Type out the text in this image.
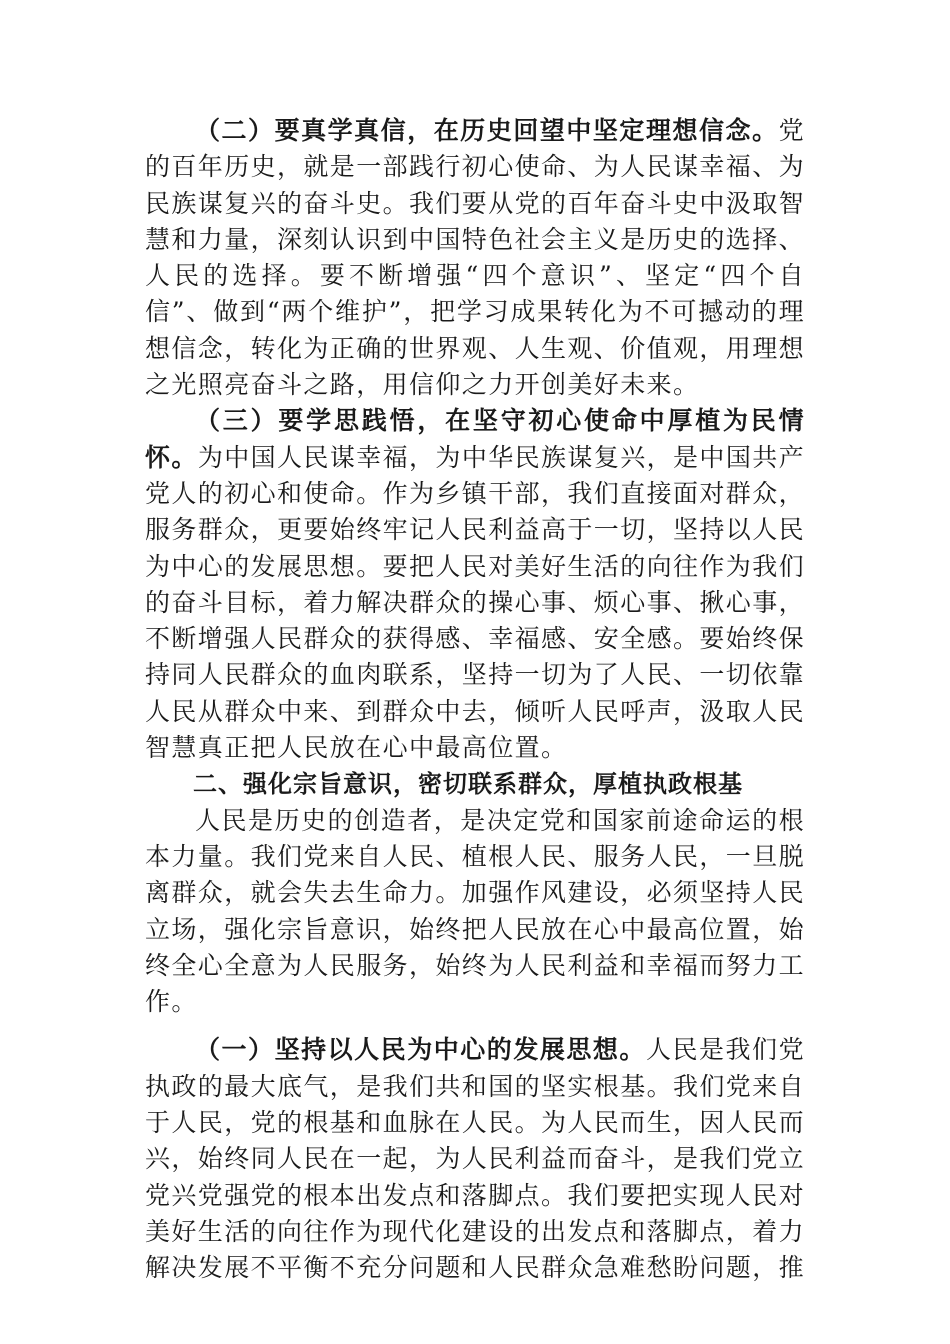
（二）要真学真信，在历史回望中坚定理想信念。党的百年历史，就是一部践行初心使命、为人民谋幸福、为民族谋复兴的奋斗史。我们要从党的百年奋斗史中汲取智慧和力量，深刻认识到中国特色社会主义是历史的选择、人民的选择。要不断增强“四个意识”、坚定“四个自信”、做到“两个维护”，把学习成果转化为不可撼动的理想信念，转化为正确的世界观、人生观、价值观，用理想之光照亮奋斗之路，用信仰之力开创美好未来。

（三）要学思践悟，在坚守初心使命中厚植为民情怀。为中国人民谋幸福，为中华民族谋复兴，是中国共产党人的初心和使命。作为乡镇干部，我们直接面对群众，服务群众，更要始终牢记人民利益高于一切，坚持以人民为中心的发展思想。要把人民对美好生活的向往作为我们的奋斗目标，着力解决群众的操心事、烦心事、揪心事，不断增强人民群众的获得感、幸福感、安全感。要始终保持同人民群众的血肉联系，坚持一切为了人民、一切依靠人民从群众中来、到群众中去，倾听人民呼声，汲取人民智慧真正把人民放在心中最高位置。

二、强化宗旨意识，密切联系群众，厚植执政根基

人民是历史的创造者，是决定党和国家前途命运的根本力量。我们党来自人民、植根人民、服务人民，一旦脱离群众，就会失去生命力。加强作风建设，必须坚持人民立场，强化宗旨意识，始终把人民放在心中最高位置，始终全心全意为人民服务，始终为人民利益和幸福而努力工作。

（一）坚持以人民为中心的发展思想。人民是我们党执政的最大底气，是我们共和国的坚实根基。我们党来自于人民，党的根基和血脉在人民。为人民而生，因人民而兴，始终同人民在一起，为人民利益而奋斗，是我们党立党兴党强党的根本出发点和落脚点。我们要把实现人民对美好生活的向往作为现代化建设的出发点和落脚点，着力解决发展不平衡不充分问题和人民群众急难愁盼问题，推
